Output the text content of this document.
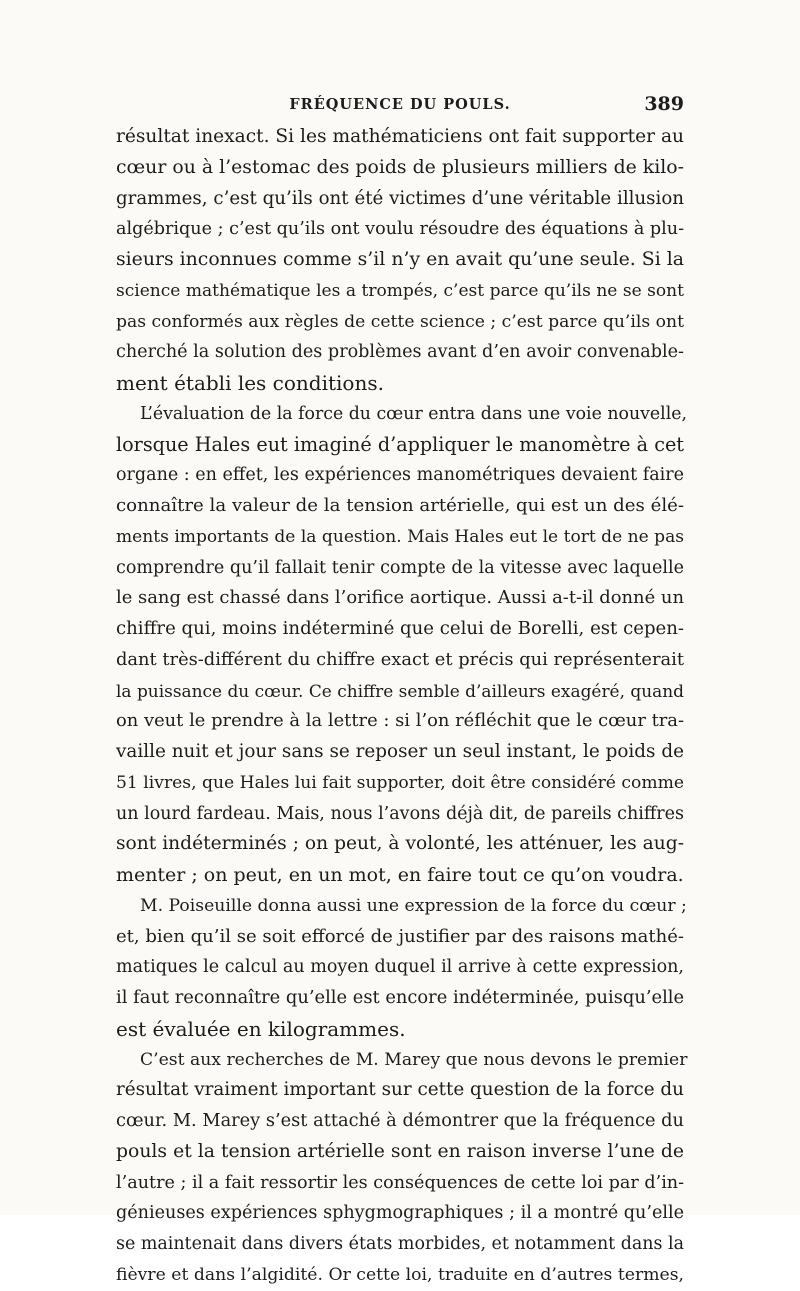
FRÉQUENCE DU POULS.	389
résultat inexact. Si les mathématiciens ont fait supporter au
cœur ou à l’estomac des poids de plusieurs milliers de kilo-
grammes, c’est qu’ils ont été victimes d’une véritable illusion
algébrique ; c’est qu’ils ont voulu résoudre des équations à plu-
sieurs inconnues comme s’il n’y en avait qu’une seule. Si la
science mathématique les a trompés, c’est parce qu’ils ne se sont
pas conformés aux règles de cette science ; c’est parce qu’ils ont
cherché la solution des problèmes avant d’en avoir convenable-
ment établi les conditions.
L’évaluation de la force du cœur entra dans une voie nouvelle,
lorsque Hales eut imaginé d’appliquer le manomètre à cet
organe : en effet, les expériences manométriques devaient faire
connaître la valeur de la tension artérielle, qui est un des élé-
ments importants de la question. Mais Hales eut le tort de ne pas
comprendre qu’il fallait tenir compte de la vitesse avec laquelle
le sang est chassé dans l’orifice aortique. Aussi a-t-il donné un
chiffre qui, moins indéterminé que celui de Borelli, est cepen-
dant très-différent du chiffre exact et précis qui représenterait
la puissance du cœur. Ce chiffre semble d’ailleurs exagéré, quand
on veut le prendre à la lettre : si l’on réfléchit que le cœur tra-
vaille nuit et jour sans se reposer un seul instant, le poids de
51 livres, que Hales lui fait supporter, doit être considéré comme
un lourd fardeau. Mais, nous l’avons déjà dit, de pareils chiffres
sont indéterminés ; on peut, à volonté, les atténuer, les aug-
menter ; on peut, en un mot, en faire tout ce qu’on voudra.
M. Poiseuille donna aussi une expression de la force du cœur ;
et, bien qu’il se soit efforcé de justifier par des raisons mathé-
matiques le calcul au moyen duquel il arrive à cette expression,
il faut reconnaître qu’elle est encore indéterminée, puisqu’elle
est évaluée en kilogrammes.
C’est aux recherches de M. Marey que nous devons le premier
résultat vraiment important sur cette question de la force du
cœur. M. Marey s’est attaché à démontrer que la fréquence du
pouls et la tension artérielle sont en raison inverse l’une de
l’autre ; il a fait ressortir les conséquences de cette loi par d’in-
génieuses expériences sphygmographiques ; il a montré qu’elle
se maintenait dans divers états morbides, et notamment dans la
fièvre et dans l’algidité. Or cette loi, traduite en d’autres termes,
